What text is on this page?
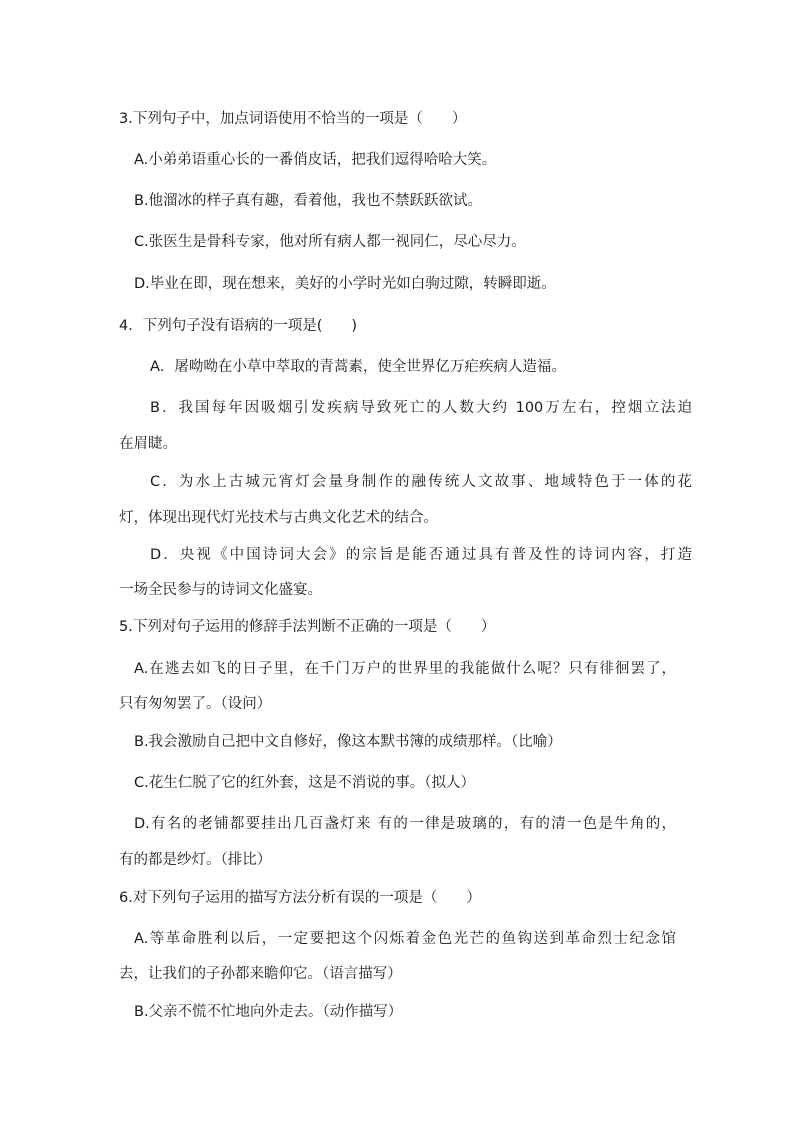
3.下列句子中，加点词语使用不恰当的一项是（　　）

A.小弟弟语重心长的一番俏皮话，把我们逗得哈哈大笑。

B.他溜冰的样子真有趣，看着他，我也不禁跃跃欲试。

C.张医生是骨科专家，他对所有病人都一视同仁，尽心尽力。

D.毕业在即，现在想来，美好的小学时光如白驹过隙，转瞬即逝。

4．下列句子没有语病的一项是(　　)

A．屠呦呦在小草中萃取的青蒿素，使全世界亿万疟疾病人造福。

B．我国每年因吸烟引发疾病导致死亡的人数大约 100万左右，控烟立法迫

在眉睫。

C．为水上古城元宵灯会量身制作的融传统人文故事、地域特色于一体的花

灯，体现出现代灯光技术与古典文化艺术的结合。

D．央视《中国诗词大会》的宗旨是能否通过具有普及性的诗词内容，打造

一场全民参与的诗词文化盛宴。

5.下列对句子运用的修辞手法判断不正确的一项是（　　）

A.在逃去如飞的日子里，在千门万户的世界里的我能做什么呢？只有徘徊罢了，

只有匆匆罢了。（设问）

B.我会激励自己把中文自修好，像这本默书簿的成绩那样。（比喻）

C.花生仁脱了它的红外套，这是不消说的事。（拟人）

D.有名的老铺都要挂出几百盏灯来 有的一律是玻璃的，有的清一色是牛角的，

有的都是纱灯。（排比）

6.对下列句子运用的描写方法分析有误的一项是（　　）

A.等革命胜利以后，一定要把这个闪烁着金色光芒的鱼钩送到革命烈士纪念馆

去，让我们的子孙都来瞻仰它。（语言描写）

B.父亲不慌不忙地向外走去。（动作描写）
